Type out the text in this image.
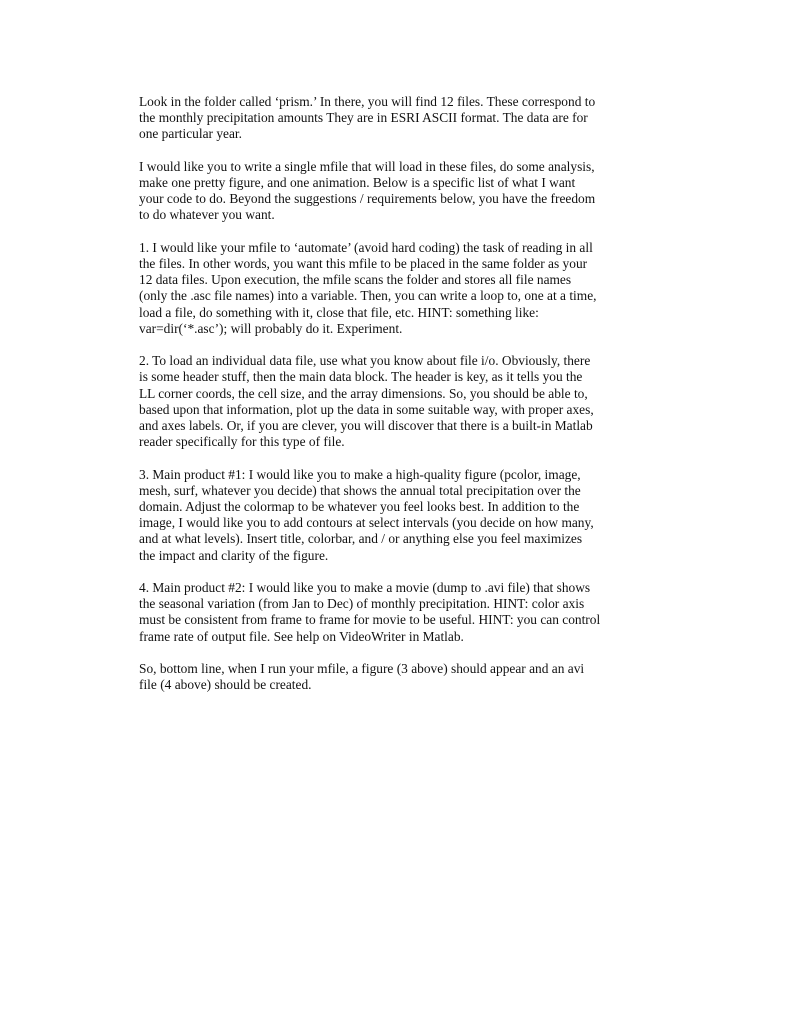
Look in the folder called ‘prism.’ In there, you will find 12 files. These correspond to
the monthly precipitation amounts They are in ESRI ASCII format. The data are for
one particular year.

I would like you to write a single mfile that will load in these files, do some analysis,
make one pretty figure, and one animation. Below is a specific list of what I want
your code to do. Beyond the suggestions / requirements below, you have the freedom
to do whatever you want.

1. I would like your mfile to ‘automate’ (avoid hard coding) the task of reading in all
the files. In other words, you want this mfile to be placed in the same folder as your
12 data files. Upon execution, the mfile scans the folder and stores all file names
(only the .asc file names) into a variable. Then, you can write a loop to, one at a time,
load a file, do something with it, close that file, etc. HINT: something like:
var=dir(‘*.asc’); will probably do it. Experiment.

2. To load an individual data file, use what you know about file i/o. Obviously, there
is some header stuff, then the main data block. The header is key, as it tells you the
LL corner coords, the cell size, and the array dimensions. So, you should be able to,
based upon that information, plot up the data in some suitable way, with proper axes,
and axes labels. Or, if you are clever, you will discover that there is a built-in Matlab
reader specifically for this type of file.

3. Main product #1: I would like you to make a high-quality figure (pcolor, image,
mesh, surf, whatever you decide) that shows the annual total precipitation over the
domain. Adjust the colormap to be whatever you feel looks best. In addition to the
image, I would like you to add contours at select intervals (you decide on how many,
and at what levels). Insert title, colorbar, and / or anything else you feel maximizes
the impact and clarity of the figure.

4. Main product #2: I would like you to make a movie (dump to .avi file) that shows
the seasonal variation (from Jan to Dec) of monthly precipitation. HINT: color axis
must be consistent from frame to frame for movie to be useful. HINT: you can control
frame rate of output file. See help on VideoWriter in Matlab.

So, bottom line, when I run your mfile, a figure (3 above) should appear and an avi
file (4 above) should be created.
